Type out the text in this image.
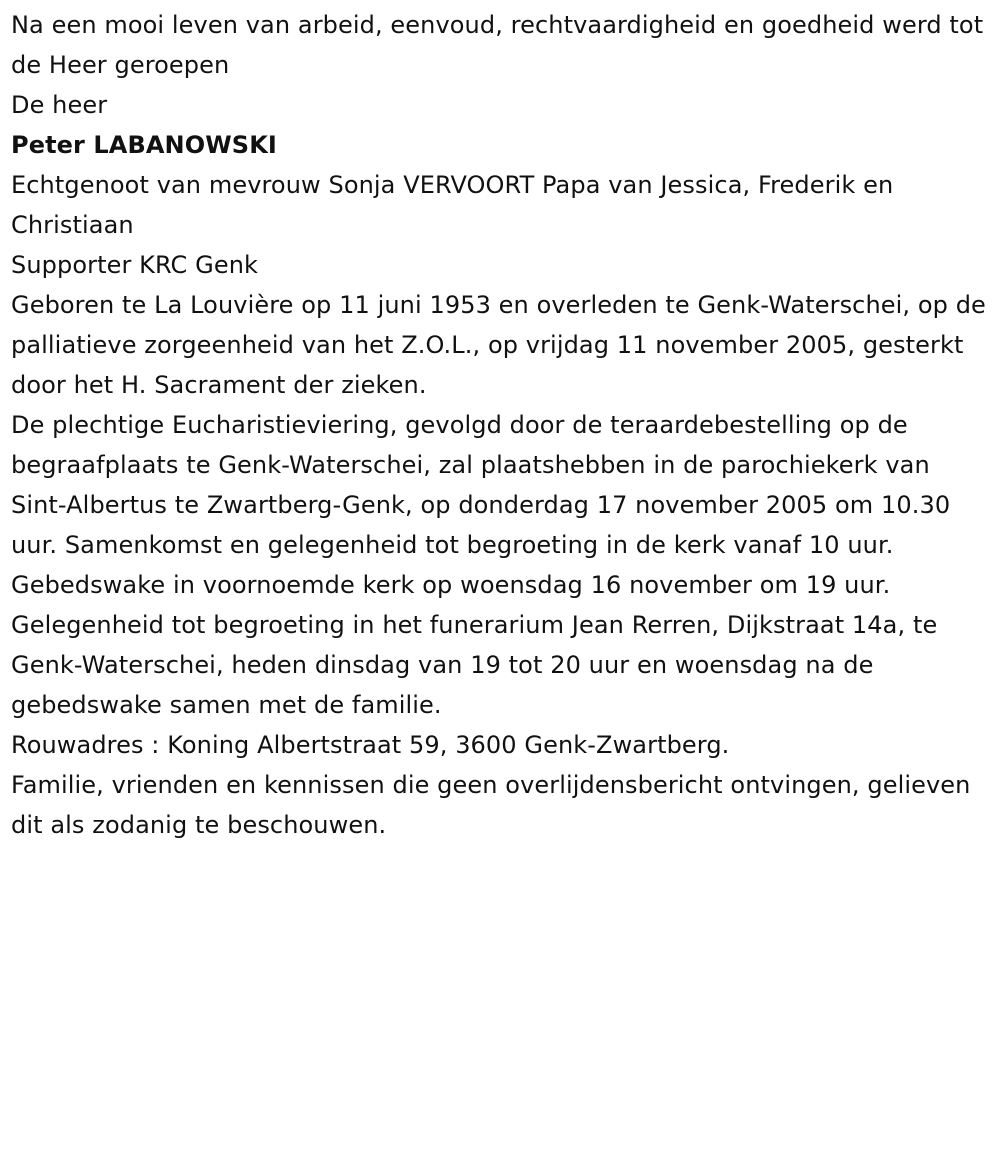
Na een mooi leven van arbeid, eenvoud, rechtvaardigheid en goedheid werd tot de Heer geroepen

De heer

Peter LABANOWSKI

Echtgenoot van mevrouw Sonja VERVOORT Papa van Jessica, Frederik en Christiaan

Supporter KRC Genk

Geboren te La Louvière op 11 juni 1953 en overleden te Genk-Waterschei, op de palliatieve zorgeenheid van het Z.O.L., op vrijdag 11 november 2005, gesterkt door het H. Sacrament der zieken.

De plechtige Eucharistieviering, gevolgd door de teraardebestelling op de begraafplaats te Genk-Waterschei, zal plaatshebben in de parochiekerk van Sint-Albertus te Zwartberg-Genk, op donderdag 17 november 2005 om 10.30 uur. Samenkomst en gelegenheid tot begroeting in de kerk vanaf 10 uur. Gebedswake in voornoemde kerk op woensdag 16 november om 19 uur. Gelegenheid tot begroeting in het funerarium Jean Rerren, Dijkstraat 14a, te Genk-Waterschei, heden dinsdag van 19 tot 20 uur en woensdag na de gebedswake samen met de familie.

Rouwadres : Koning Albertstraat 59, 3600 Genk-Zwartberg.

Familie, vrienden en kennissen die geen overlijdensbericht ontvingen, gelieven dit als zodanig te beschouwen.
